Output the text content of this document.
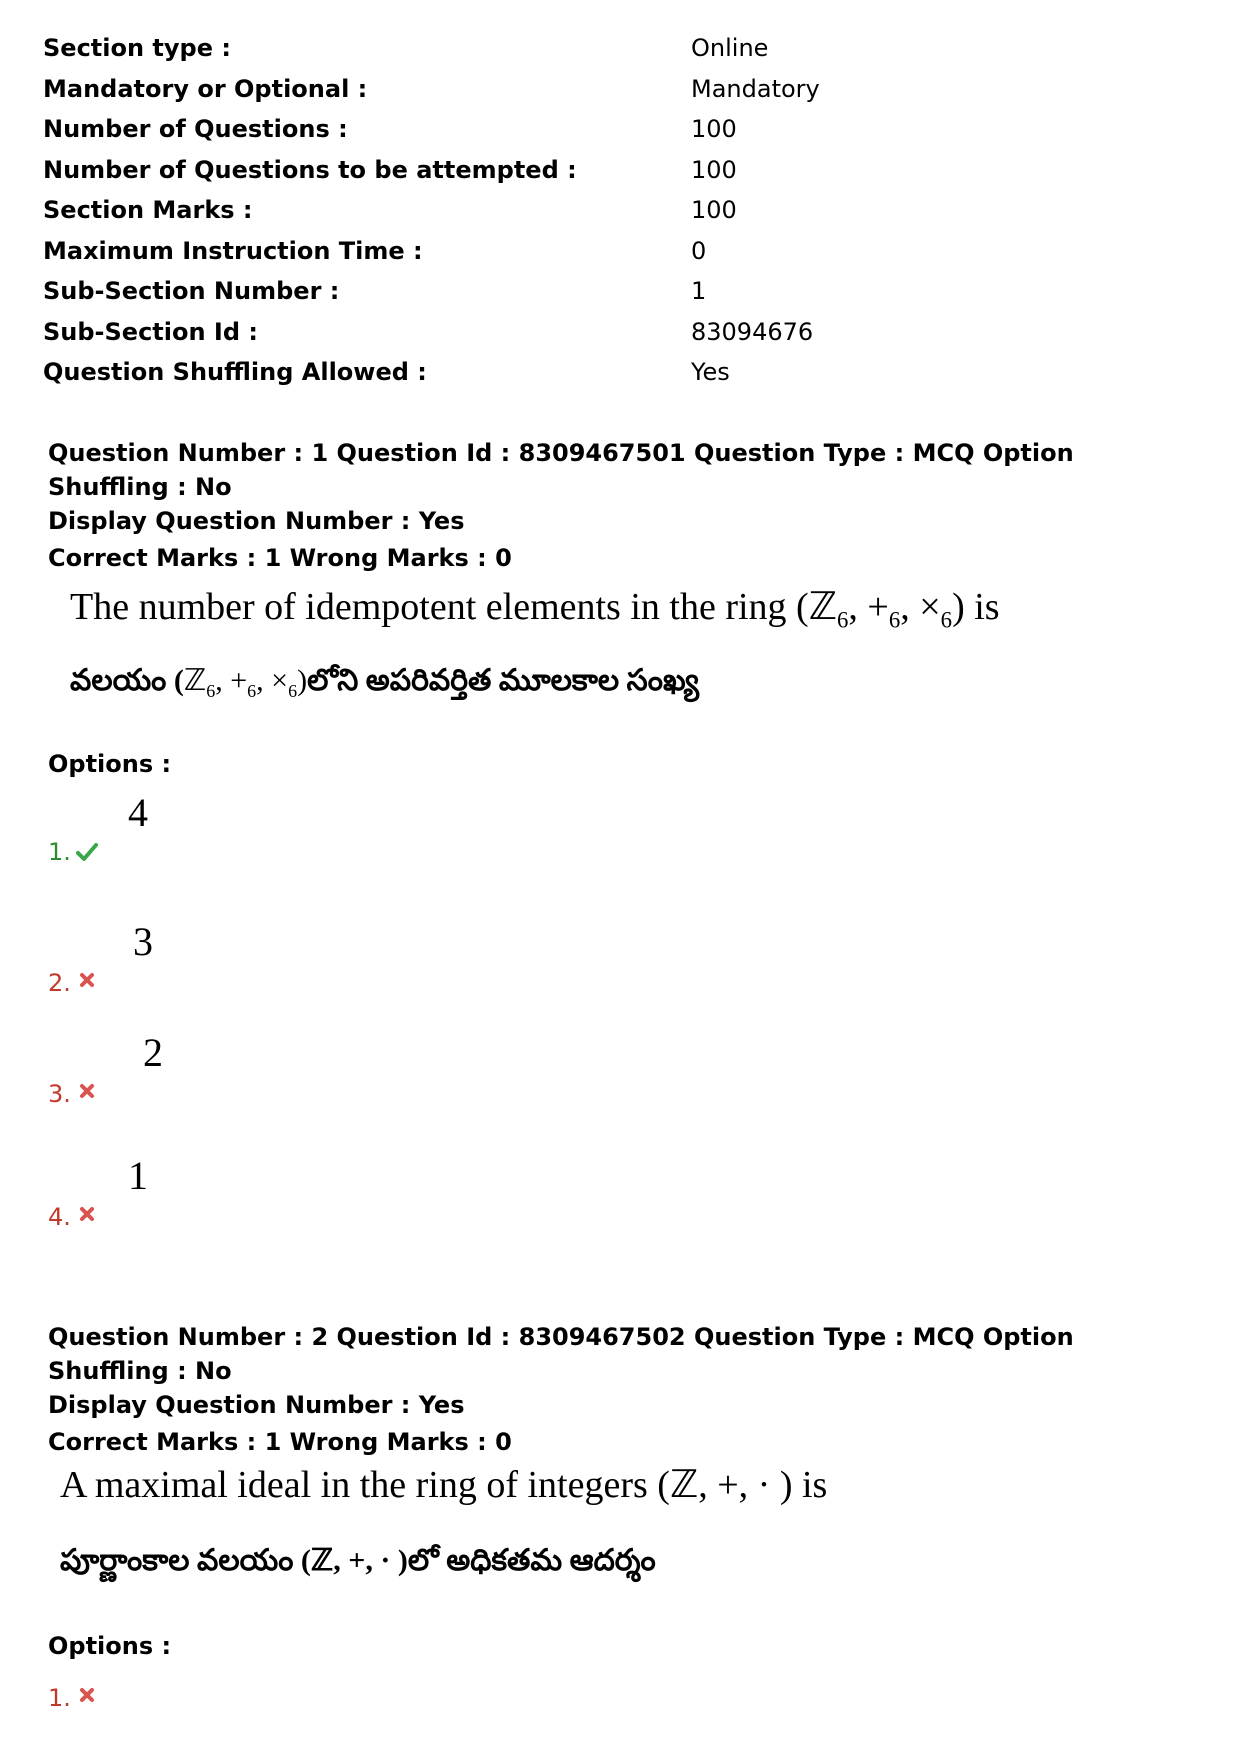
Section type :	Online
Mandatory or Optional :	Mandatory
Number of Questions :	100
Number of Questions to be attempted :	100
Section Marks :	100
Maximum Instruction Time :	0
Sub-Section Number :	1
Sub-Section Id :	83094676
Question Shuffling Allowed :	Yes

Question Number : 1 Question Id : 8309467501 Question Type : MCQ Option Shuffling : No

Display Question Number : Yes

Correct Marks : 1 Wrong Marks : 0

The number of idempotent elements in the ring (ℤ$_6$, $+_6$, $\times_6$) is
వలయం (ℤ$_6$, $+_6$, $\times_6)లోని$ అపరివర్తిత మూలకాల సంఖ్య
Options :
1.
4
2.
3
3.
2
4.
1

Question Number : 2 Question Id : 8309467502 Question Type : MCQ Option Shuffling : No

Display Question Number : Yes

Correct Marks : 1 Wrong Marks : 0

A maximal ideal in the ring of integers (ℤ, +, · ) is
పూర్ణాంకాల వలయం (ℤ, +, · )లో అధికతమ ఆదర్శం
Options :
1.
